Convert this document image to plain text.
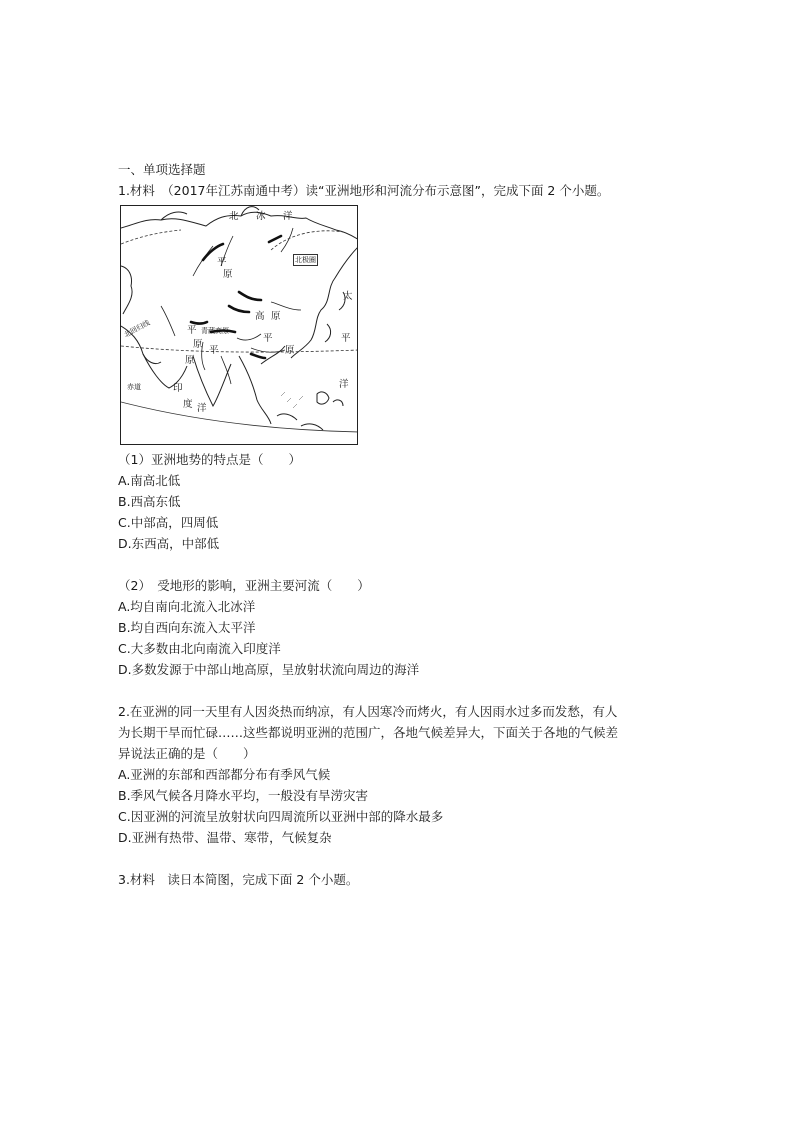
一、单项选择题
1.材料　（2017年江苏南通中考）读“亚洲地形和河流分布示意图”，完成下面 2 个小题。
北 冰 洋
北极圈
平
原
高 原
太
平
洋
青藏高原
平
原
平
原
北回归线
平
赤道	印
度 洋
原
（1）亚洲地势的特点是（　　）
A.南高北低
B.西高东低
C.中部高，四周低
D.东西高，中部低
（2）　受地形的影响，亚洲主要河流（　　）
A.均自南向北流入北冰洋
B.均自西向东流入太平洋
C.大多数由北向南流入印度洋
D.多数发源于中部山地高原，呈放射状流向周边的海洋
2.在亚洲的同一天里有人因炎热而纳凉，有人因寒冷而烤火，有人因雨水过多而发愁，有人
为长期干旱而忙碌……这些都说明亚洲的范围广，各地气候差异大，下面关于各地的气候差
异说法正确的是（　　）
A.亚洲的东部和西部都分布有季风气候
B.季风气候各月降水平均，一般没有旱涝灾害
C.因亚洲的河流呈放射状向四周流所以亚洲中部的降水最多
D.亚洲有热带、温带、寒带，气候复杂
3.材料　读日本简图，完成下面 2 个小题。
